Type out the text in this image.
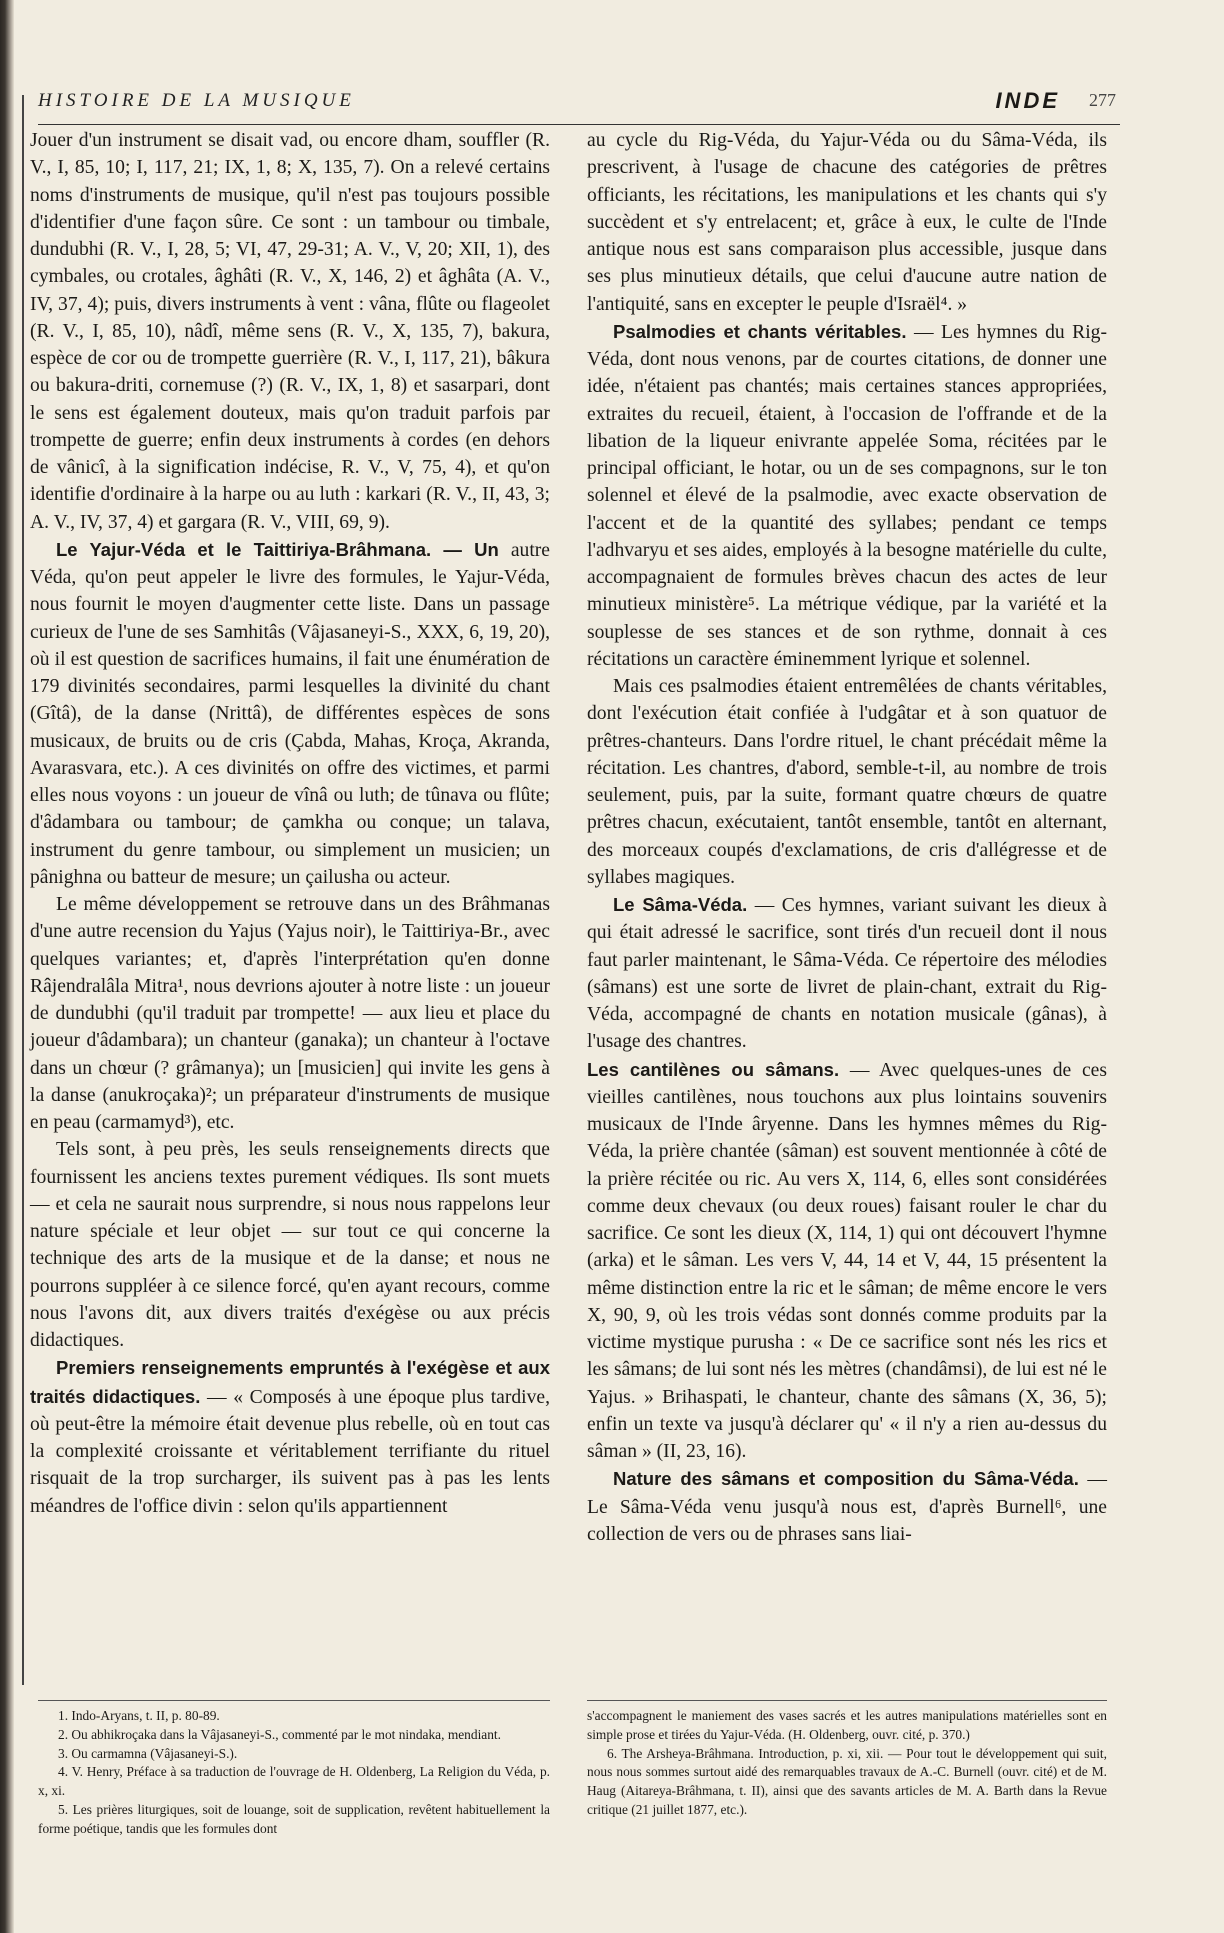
HISTOIRE DE LA MUSIQUE	INDE 277

Jouer d'un instrument se disait vad, ou encore dham, souffler (R. V., I, 85, 10; I, 117, 21; IX, 1, 8; X, 135, 7). On a relevé certains noms d'instruments de musique, qu'il n'est pas toujours possible d'identifier d'une façon sûre. Ce sont : un tambour ou timbale, dundubhi (R. V., I, 28, 5; VI, 47, 29-31; A. V., V, 20; XII, 1), des cymbales, ou crotales, âghâti (R. V., X, 146, 2) et âghâta (A. V., IV, 37, 4); puis, divers instruments à vent : vâna, flûte ou flageolet (R. V., I, 85, 10), nâdî, même sens (R. V., X, 135, 7), bakura, espèce de cor ou de trompette guerrière (R. V., I, 117, 21), bâkura ou bakura-driti, cornemuse (?) (R. V., IX, 1, 8) et sasarpari, dont le sens est également douteux, mais qu'on traduit parfois par trompette de guerre; enfin deux instruments à cordes (en dehors de vânicî, à la signification indécise, R. V., V, 75, 4), et qu'on identifie d'ordinaire à la harpe ou au luth : karkari (R. V., II, 43, 3; A. V., IV, 37, 4) et gargara (R. V., VIII, 69, 9).

Le Yajur-Véda et le Taittiriya-Brâhmana. — Un autre Véda, qu'on peut appeler le livre des formules, le Yajur-Véda, nous fournit le moyen d'augmenter cette liste. Dans un passage curieux de l'une de ses Samhitâs (Vâjasaneyi-S., XXX, 6, 19, 20), où il est question de sacrifices humains, il fait une énumération de 179 divinités secondaires, parmi lesquelles la divinité du chant (Gîtâ), de la danse (Nrittâ), de différentes espèces de sons musicaux, de bruits ou de cris (Çabda, Mahas, Kroça, Akranda, Avarasvara, etc.). A ces divinités on offre des victimes, et parmi elles nous voyons : un joueur de vînâ ou luth; de tûnava ou flûte; d'âdambara ou tambour; de çamkha ou conque; un talava, instrument du genre tambour, ou simplement un musicien; un pânighna ou batteur de mesure; un çailusha ou acteur.

Le même développement se retrouve dans un des Brâhmanas d'une autre recension du Yajus (Yajus noir), le Taittiriya-Br., avec quelques variantes; et, d'après l'interprétation qu'en donne Râjendralâla Mitra¹, nous devrions ajouter à notre liste : un joueur de dundubhi (qu'il traduit par trompette! — aux lieu et place du joueur d'âdambara); un chanteur (ganaka); un chanteur à l'octave dans un chœur (? grâmanya); un [musicien] qui invite les gens à la danse (anukroçaka)²; un préparateur d'instruments de musique en peau (carmamyd³), etc.

Tels sont, à peu près, les seuls renseignements directs que fournissent les anciens textes purement védiques. Ils sont muets — et cela ne saurait nous surprendre, si nous nous rappelons leur nature spéciale et leur objet — sur tout ce qui concerne la technique des arts de la musique et de la danse; et nous ne pourrons suppléer à ce silence forcé, qu'en ayant recours, comme nous l'avons dit, aux divers traités d'exégèse ou aux précis didactiques.

Premiers renseignements empruntés à l'exégèse et aux traités didactiques. — « Composés à une époque plus tardive, où peut-être la mémoire était devenue plus rebelle, où en tout cas la complexité croissante et véritablement terrifiante du rituel risquait de la trop surcharger, ils suivent pas à pas les lents méandres de l'office divin : selon qu'ils appartiennent

au cycle du Rig-Véda, du Yajur-Véda ou du Sâma-Véda, ils prescrivent, à l'usage de chacune des catégories de prêtres officiants, les récitations, les manipulations et les chants qui s'y succèdent et s'y entrelacent; et, grâce à eux, le culte de l'Inde antique nous est sans comparaison plus accessible, jusque dans ses plus minutieux détails, que celui d'aucune autre nation de l'antiquité, sans en excepter le peuple d'Israël⁴. »

Psalmodies et chants véritables. — Les hymnes du Rig-Véda, dont nous venons, par de courtes citations, de donner une idée, n'étaient pas chantés; mais certaines stances appropriées, extraites du recueil, étaient, à l'occasion de l'offrande et de la libation de la liqueur enivrante appelée Soma, récitées par le principal officiant, le hotar, ou un de ses compagnons, sur le ton solennel et élevé de la psalmodie, avec exacte observation de l'accent et de la quantité des syllabes; pendant ce temps l'adhvaryu et ses aides, employés à la besogne matérielle du culte, accompagnaient de formules brèves chacun des actes de leur minutieux ministère⁵. La métrique védique, par la variété et la souplesse de ses stances et de son rythme, donnait à ces récitations un caractère éminemment lyrique et solennel.

Mais ces psalmodies étaient entremêlées de chants véritables, dont l'exécution était confiée à l'udgâtar et à son quatuor de prêtres-chanteurs. Dans l'ordre rituel, le chant précédait même la récitation. Les chantres, d'abord, semble-t-il, au nombre de trois seulement, puis, par la suite, formant quatre chœurs de quatre prêtres chacun, exécutaient, tantôt ensemble, tantôt en alternant, des morceaux coupés d'exclamations, de cris d'allégresse et de syllabes magiques.

Le Sâma-Véda. — Ces hymnes, variant suivant les dieux à qui était adressé le sacrifice, sont tirés d'un recueil dont il nous faut parler maintenant, le Sâma-Véda. Ce répertoire des mélodies (sâmans) est une sorte de livret de plain-chant, extrait du Rig-Véda, accompagné de chants en notation musicale (gânas), à l'usage des chantres.

Les cantilènes ou sâmans. — Avec quelques-unes de ces vieilles cantilènes, nous touchons aux plus lointains souvenirs musicaux de l'Inde âryenne. Dans les hymnes mêmes du Rig-Véda, la prière chantée (sâman) est souvent mentionnée à côté de la prière récitée ou ric. Au vers X, 114, 6, elles sont considérées comme deux chevaux (ou deux roues) faisant rouler le char du sacrifice. Ce sont les dieux (X, 114, 1) qui ont découvert l'hymne (arka) et le sâman. Les vers V, 44, 14 et V, 44, 15 présentent la même distinction entre la ric et le sâman; de même encore le vers X, 90, 9, où les trois védas sont donnés comme produits par la victime mystique purusha : « De ce sacrifice sont nés les rics et les sâmans; de lui sont nés les mètres (chandâmsi), de lui est né le Yajus. » Brihaspati, le chanteur, chante des sâmans (X, 36, 5); enfin un texte va jusqu'à déclarer qu' « il n'y a rien au-dessus du sâman » (II, 23, 16).

Nature des sâmans et composition du Sâma-Véda. — Le Sâma-Véda venu jusqu'à nous est, d'après Burnell⁶, une collection de vers ou de phrases sans liai-

1. Indo-Aryans, t. II, p. 80-89.

2. Ou abhikroçaka dans la Vâjasaneyi-S., commenté par le mot nindaka, mendiant.

3. Ou carmamna (Vâjasaneyi-S.).

4. V. Henry, Préface à sa traduction de l'ouvrage de H. Oldenberg, La Religion du Véda, p. x, xi.

5. Les prières liturgiques, soit de louange, soit de supplication, revêtent habituellement la forme poétique, tandis que les formules dont

s'accompagnent le maniement des vases sacrés et les autres manipulations matérielles sont en simple prose et tirées du Yajur-Véda. (H. Oldenberg, ouvr. cité, p. 370.)

6. The Arsheya-Brâhmana. Introduction, p. xi, xii. — Pour tout le développement qui suit, nous nous sommes surtout aidé des remarquables travaux de A.-C. Burnell (ouvr. cité) et de M. Haug (Aitareya-Brâhmana, t. II), ainsi que des savants articles de M. A. Barth dans la Revue critique (21 juillet 1877, etc.).
